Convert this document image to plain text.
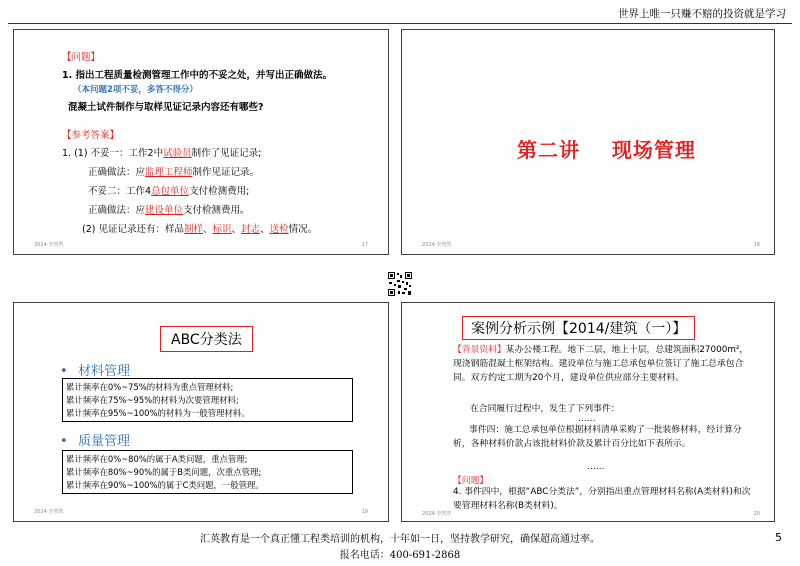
世界上唯一只赚不赔的投资就是学习
【问题】
1. 指出工程质量检测管理工作中的不妥之处，并写出正确做法。
（本问题2项不妥，多答不得分）
混凝土试件制作与取样见证记录内容还有哪些?
【参考答案】
1. (1) 不妥一：工作2中试验员制作了见证记录;
正确做法：应监理工程师制作见证记录。
不妥二：工作4总包单位支付检测费用;
正确做法：应建设单位支付检测费用。
(2) 见证记录还有：样品制样、标识、封志、送检情况。
2024·李然然	17
第二讲    现场管理
2024·李然然	18
ABC分类法
• 材料管理
累计频率在0%~75%的材料为重点管理材料;
累计频率在75%~95%的材料为次要管理材料;
累计频率在95%~100%的材料为一般管理材料。
• 质量管理
累计频率在0%~80%的属于A类问题，重点管理;
累计频率在80%~90%的属于B类问题，次重点管理;
累计频率在90%~100%的属于C类问题，一般管理。
2024·李然然	19
案例分析示例【2014/建筑（一）】
【背景资料】某办公楼工程。地下二层，地上十层，总建筑面积27000m²，现浇钢筋混凝土框架结构。建设单位与施工总承包单位签订了施工总承包合同。双方约定工期为20个月，建设单位供应部分主要材料。
在合同履行过程中，发生了下列事件：
……
事件四：施工总承包单位根据材料清单采购了一批装修材料，经计算分析，各种材料价款占该批材料价款及累计百分比如下表所示。
……
【问题】
4. 事件四中，根据“ABC分类法”，分别指出重点管理材料名称(A类材料)和次要管理材料名称(B类材料)。
2024·李然然	20
汇英教育是一个真正懂工程类培训的机构，十年如一日，坚持教学研究，确保超高通过率。
报名电话：400-691-2868
5
